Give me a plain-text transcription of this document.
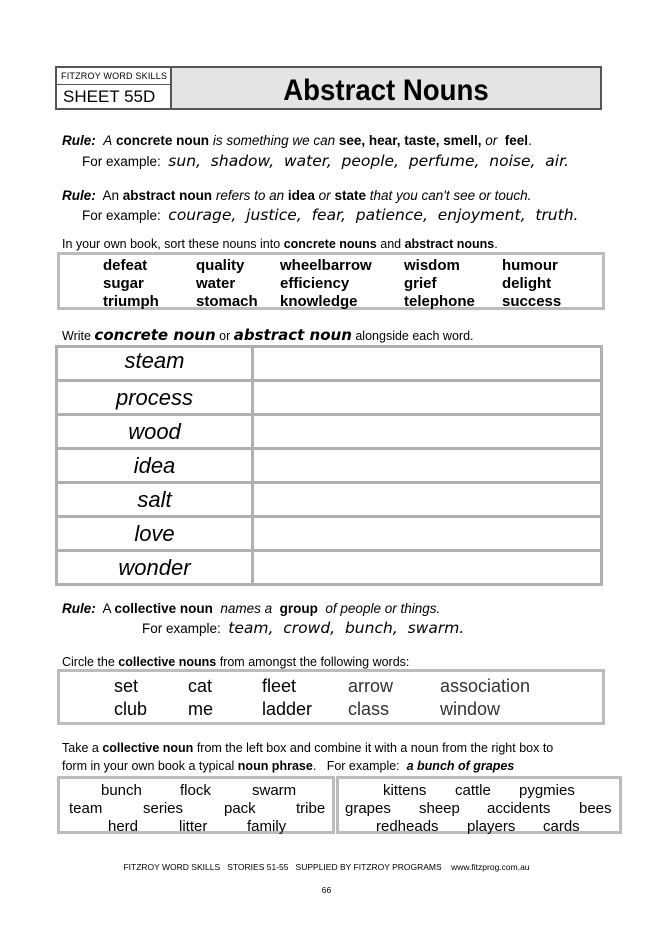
FITZROY WORD SKILLS
SHEET 55D	Abstract Nouns
Rule: A concrete noun is something we can see, hear, taste, smell, or feel.
For example: sun,  shadow,  water,  people,  perfume,  noise,  air.
Rule: An abstract noun refers to an idea or state that you can't see or touch.
For example: courage,  justice,  fear,  patience,  enjoyment,  truth.
In your own book, sort these nouns into concrete nouns and abstract nouns.
defeat	quality wheelbarrow wisdom	humour
sugar	water	efficiency	grief	delight
triumph stomach knowledge	telephone success
Write concrete noun or abstract noun alongside each word.
steam
process
wood
idea
salt
love
wonder
Rule: A collective noun names a group of people or things.
For example: team,  crowd,  bunch,  swarm.
Circle the collective nouns from amongst the following words:
set	cat	fleet	arrow	association
club me	ladder class	window
Take a collective noun from the left box and combine it with a noun from the right box to
form in your own book a typical noun phrase.   For example: a bunch of grapes
bunch	flock	swarm
team	series	pack	tribe
herd	litter	family
kittens cattle pygmies
grapes sheep accidents bees
redheads players cards
FITZROY WORD SKILLS   STORIES 51-55   SUPPLIED BY FITZROY PROGRAMS    www.fitzprog.com.au
66
